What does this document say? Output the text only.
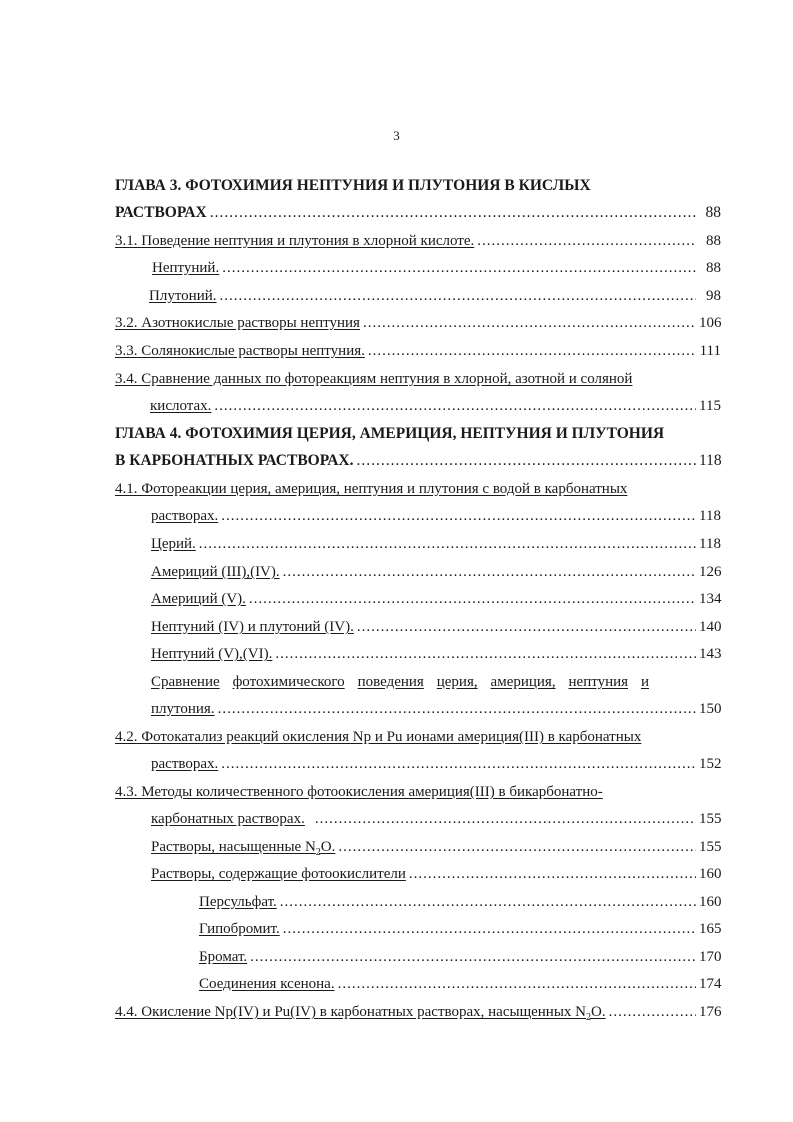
3
ГЛАВА 3. ФОТОХИМИЯ НЕПТУНИЯ И ПЛУТОНИЯ В КИСЛЫХ
РАСТВОРАХ .....	88
3.1. Поведение нептуния и плутония в хлорной кислоте. .....	88
Нептуний. .....	88
Плутоний. .....	98
3.2. Азотнокислые растворы нептуния .....	106
3.3. Солянокислые растворы нептуния. .....	111
3.4. Сравнение данных по фотореакциям нептуния в хлорной, азотной и соляной
кислотах. .....	115
ГЛАВА 4. ФОТОХИМИЯ ЦЕРИЯ, АМЕРИЦИЯ, НЕПТУНИЯ И ПЛУТОНИЯ
В КАРБОНАТНЫХ РАСТВОРАХ. .....	118
4.1. Фотореакции церия, америция, нептуния и плутония с водой в карбонатных
растворах. .....	118
Церий. .....	118
Америций (III),(IV). .....	126
Америций (V). .....	134
Нептуний (IV) и плутоний (IV). .....	140
Нептуний (V),(VI). .....	143
Сравнение фотохимического поведения церия, америция, нептуния и
плутония. .....	150
4.2. Фотокатализ реакций окисления Np и Pu ионами америция(III) в карбонатных
растворах. .....	152
4.3. Методы количественного фотоокисления америция(III) в бикарбонатно-
карбонатных растворах. .....	155
Растворы, насыщенные $N_2O$. .....	155
Растворы, содержащие фотоокислители .....	160
Персульфат. .....	160
Гипобромит. .....	165
Бромат. .....	170
Соединения ксенона. .....	174
4.4. Окисление Np(IV) и Pu(IV) в карбонатных растворах, насыщенных $N_2O$. .....	176
